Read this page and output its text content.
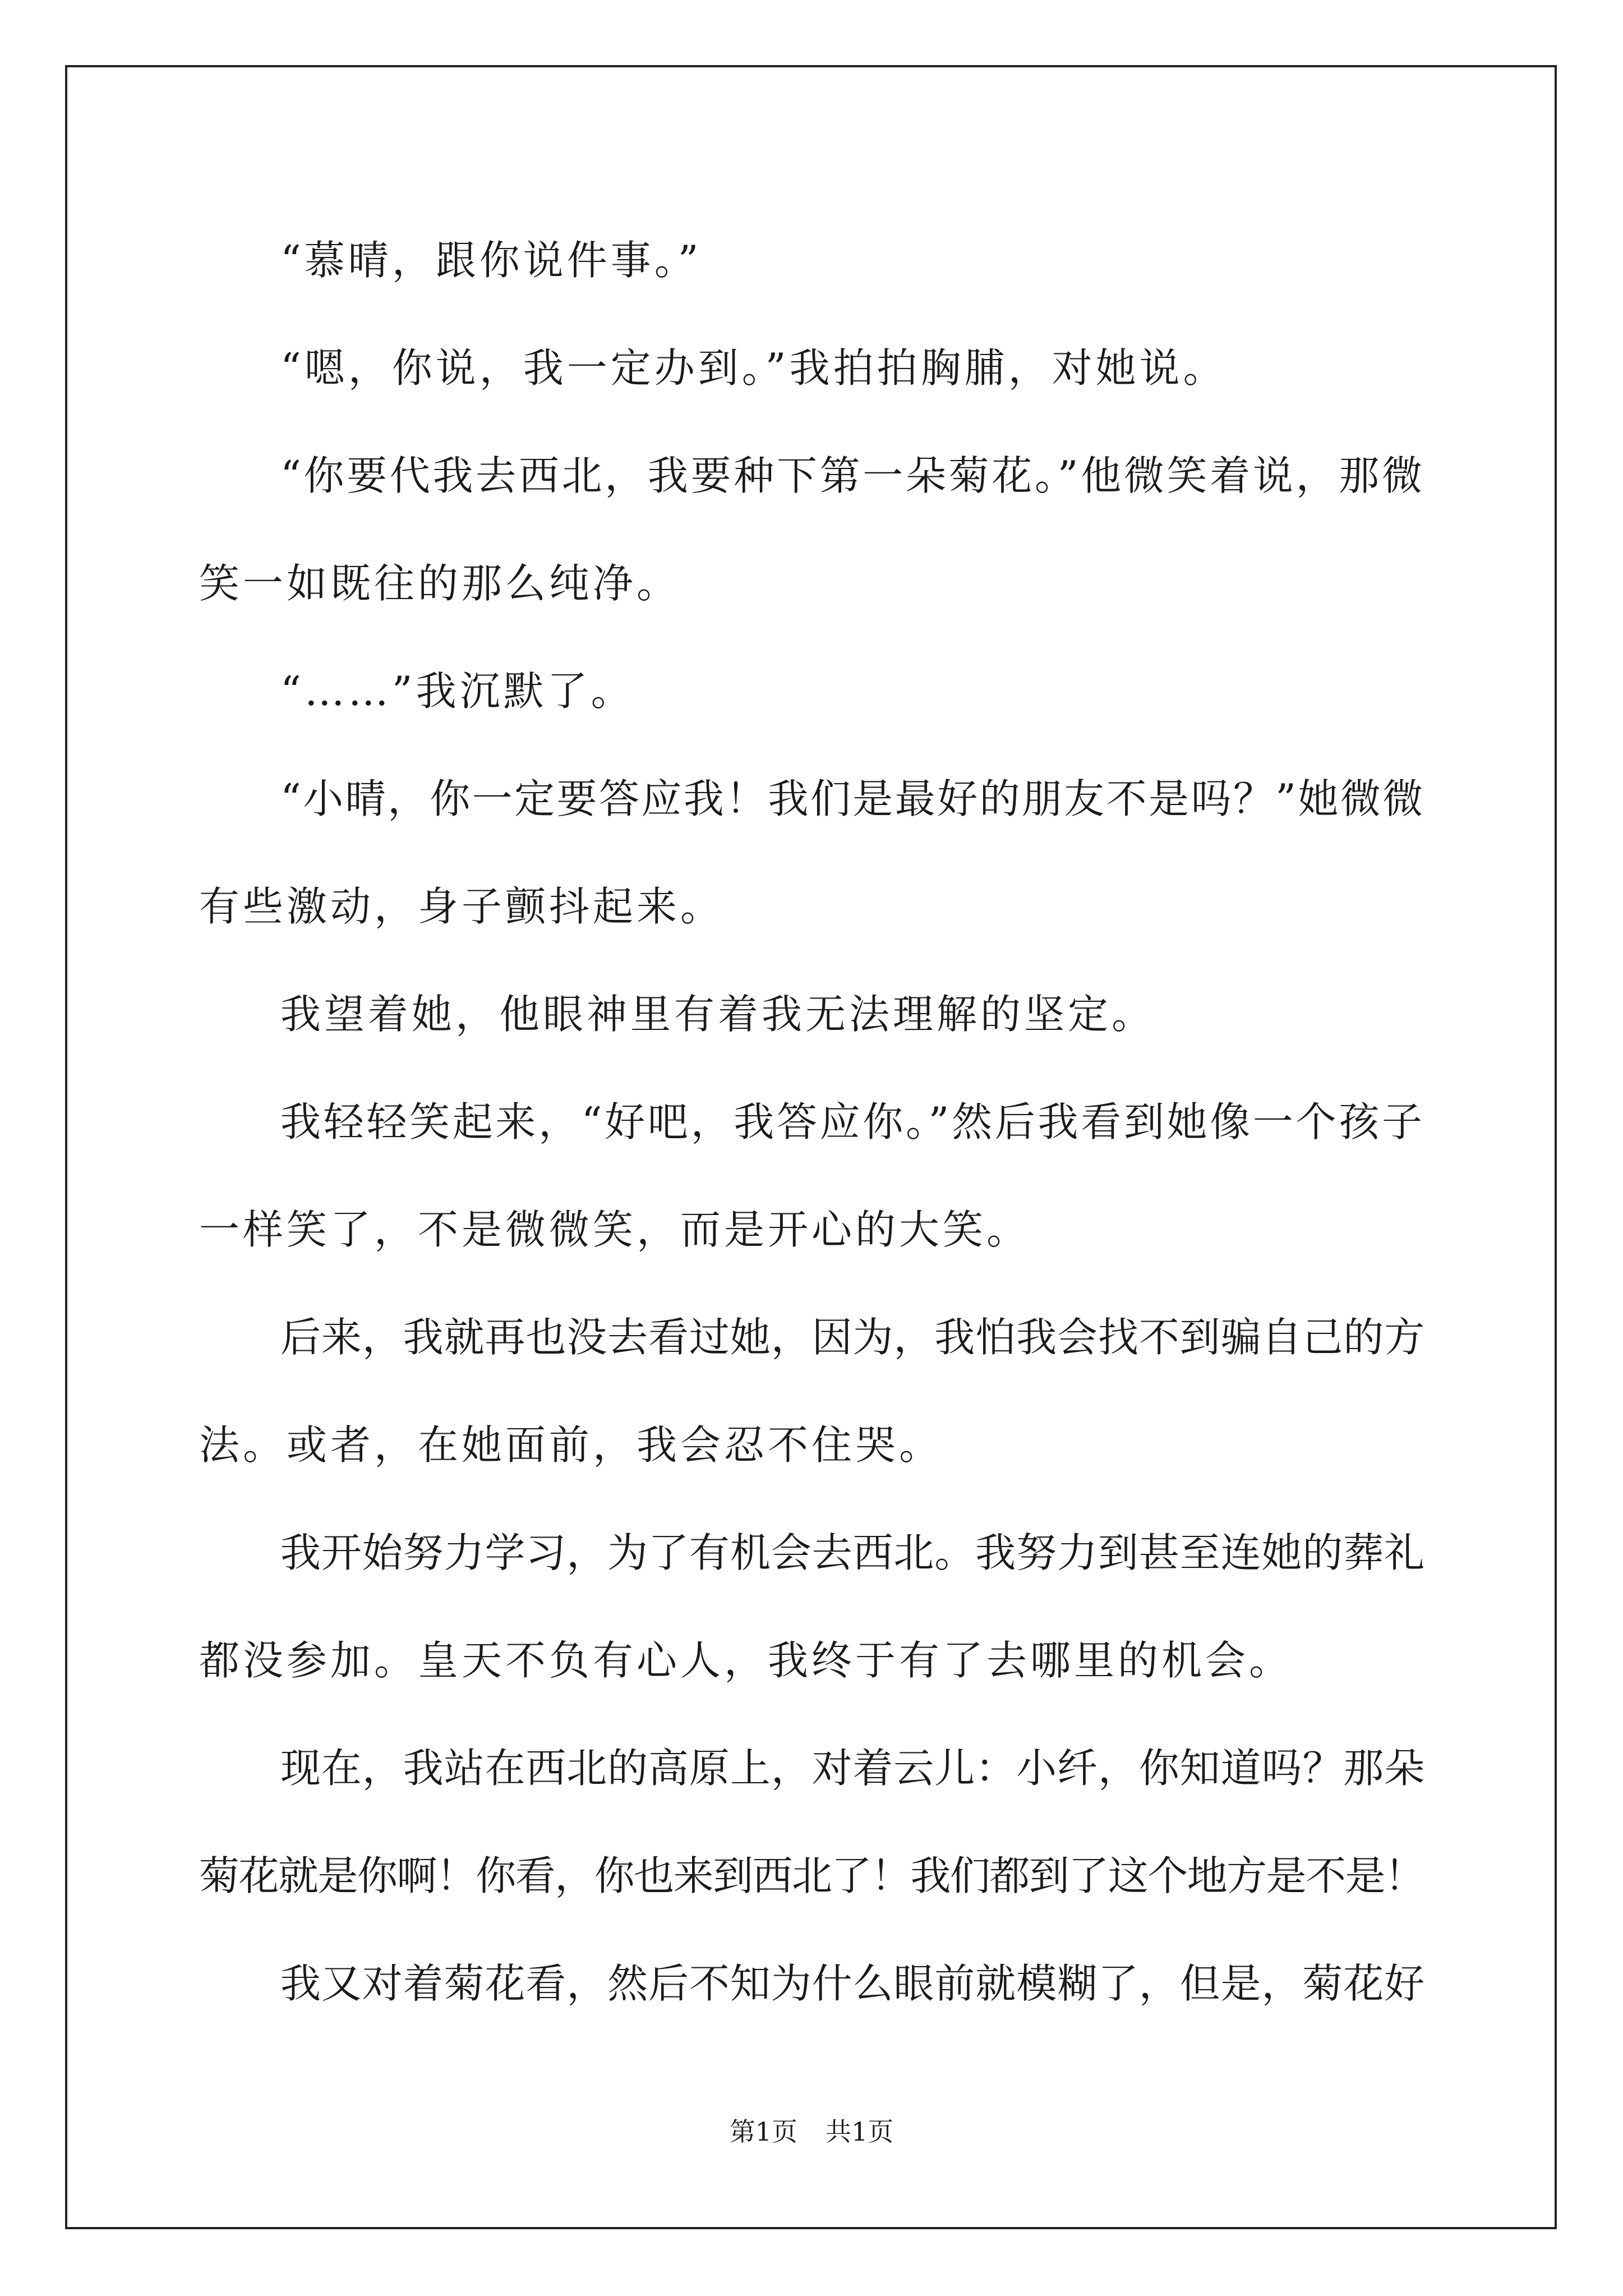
“慕晴，跟你说件事。”

“嗯，你说，我一定办到。”我拍拍胸脯，对她说。

“你要代我去西北，我要种下第一朵菊花。”他微笑着说，那微
笑一如既往的那么纯净。

“……”我沉默了。

“小晴，你一定要答应我！我们是最好的朋友不是吗？”她微微
有些激动，身子颤抖起来。

我望着她，他眼神里有着我无法理解的坚定。

我轻轻笑起来，“好吧，我答应你。”然后我看到她像一个孩子
一样笑了，不是微微笑，而是开心的大笑。

后来，我就再也没去看过她，因为，我怕我会找不到骗自己的方
法。或者，在她面前，我会忍不住哭。

我开始努力学习，为了有机会去西北。我努力到甚至连她的葬礼
都没参加。皇天不负有心人，我终于有了去哪里的机会。

现在，我站在西北的高原上，对着云儿：小纤，你知道吗？那朵
菊花就是你啊！你看，你也来到西北了！我们都到了这个地方是不是！

我又对着菊花看，然后不知为什么眼前就模糊了，但是，菊花好

第1页 共1页
